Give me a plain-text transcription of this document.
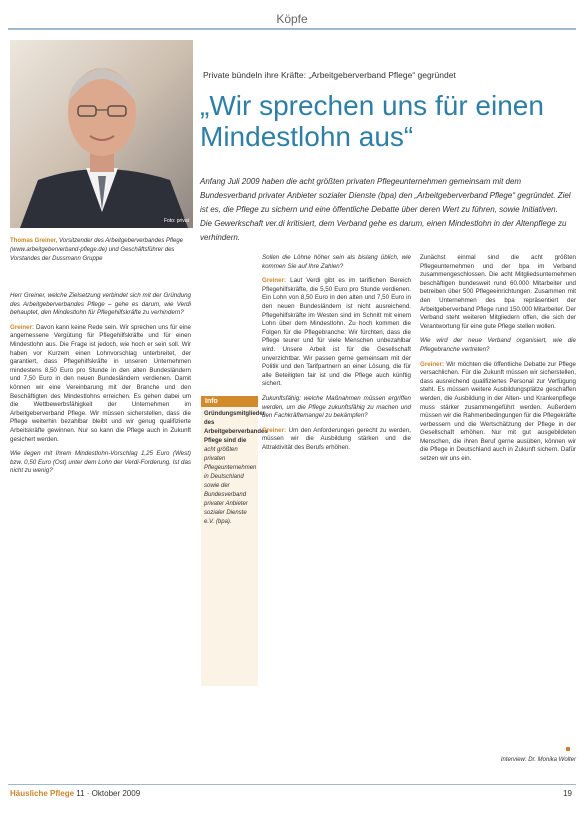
Köpfe
Foto: privat
Thomas Greiner, Vorsitzender des Arbeitgeberverbandes Pflege (www.arbeitgeberverband-pflege.de) und Geschäftsführer des Vorstandes der Dussmann Gruppe
Private bündeln ihre Kräfte: „Arbeitgeberverband Pflege“ gegründet
„Wir sprechen uns für einen Mindestlohn aus“
Anfang Juli 2009 haben die acht größten privaten Pflegeunternehmen gemeinsam mit dem Bundesverband privater Anbieter sozialer Dienste (bpa) den „Arbeitgeberverband Pflege“ gegründet. Ziel ist es, die Pflege zu sichern und eine öffentliche Debatte über deren Wert zu führen, sowie Initiativen. Die Gewerkschaft ver.di kritisiert, dem Verband gehe es darum, einen Mindestlohn in der Altenpflege zu verhindern.

Herr Greiner, welche Zielsetzung verbindet sich mit der Gründung des Arbeitgeberverbandes Pflege – gehe es darum, wie Verdi behauptet, den Mindestlohn für Pflegehilfskräfte zu verhindern?

Greiner: Davon kann keine Rede sein. Wir sprechen uns für eine angemessene Vergütung für Pflegehilfskräfte und für einen Mindestlohn aus. Die Frage ist jedoch, wie hoch er sein soll. Wir haben vor Kurzem einen Lohnvorschlag unterbreitet, der garantiert, dass Pflegehilfskräfte in unseren Unternehmen mindestens 8,50 Euro pro Stunde in den alten Bundesländern und 7,50 Euro in den neuen Bundesländern verdienen. Damit können wir eine Vereinbarung mit der Branche und den Beschäftigten des Mindestlohns erreichen. Es gehen dabei um die Wettbewerbsfähigkeit der Unternehmen im Arbeitgeberverband Pflege. Wir müssen sicherstellen, dass die Pflege weiterhin bezahlbar bleibt und wir genug qualifizierte Arbeitskräfte gewinnen. Nur so kann die Pflege auch in Zukunft gesichert werden.

Wie liegen mit Ihrem Mindestlohn-Vorschlag 1,25 Euro (West) bzw. 0,50 Euro (Ost) unter dem Lohn der Verdi-Forderung. Ist das nicht zu wenig?

Info
Gründungsmitglieder des Arbeitgeberverbandes Pflege sind die acht größten privaten Pflegeunternehmen in Deutschland sowie der Bundesverband privater Anbieter sozialer Dienste e.V. (bpa).

Sollen die Löhne höher sein als bislang üblich, wie kommen Sie auf Ihre Zahlen?

Greiner: Laut Verdi gibt es im tariflichen Bereich Pflegehilfskräfte, die 5,50 Euro pro Stunde verdienen. Ein Lohn von 8,50 Euro in den alten und 7,50 Euro in den neuen Bundesländern ist nicht ausreichend. Pflegehilfskräfte im Westen sind im Schnitt mit einem Lohn über dem Mindestlohn. Zu hoch kommen die Folgen für die Pflegebranche: Wir fürchten, dass die Pflege teurer und für viele Menschen unbezahlbar wird. Unsere Arbeit ist für die Gesellschaft unverzichtbar. Wir passen gerne gemeinsam mit der Politik und den Tarifpartnern an einer Lösung, die für alle Beteiligten fair ist und die Pflege auch künftig sichert.

Zukunftsfähig: welche Maßnahmen müssen ergriffen werden, um die Pflege zukunftsfähig zu machen und den Fachkräftemangel zu bekämpfen?

Greiner: Um den Anforderungen gerecht zu werden, müssen wir die Ausbildung stärken und die Attraktivität des Berufs erhöhen.

Zunächst einmal sind die acht größten Pflegeunternehmen und der bpa im Verband zusammengeschlossen. Die acht Mitgliedsunternehmen beschäftigen bundesweit rund 60.000 Mitarbeiter und betreiben über 500 Pflegeeinrichtungen. Zusammen mit den Unternehmen des bpa repräsentiert der Arbeitgeberverband Pflege rund 150.000 Mitarbeiter. Der Verband steht weiteren Mitgliedern offen, die sich der Verantwortung für eine gute Pflege stellen wollen.

Wie wird der neue Verband organisiert, wie die Pflegebranche vertreten?

Greiner: Wir möchten die öffentliche Debatte zur Pflege versachlichen. Für die Zukunft müssen wir sicherstellen, dass ausreichend qualifiziertes Personal zur Verfügung steht. Es müssen weitere Ausbildungsplätze geschaffen werden, die Ausbildung in der Alten- und Krankenpflege muss stärker zusammengeführt werden. Außerdem müssen wir die Rahmenbedingungen für die Pflegekräfte verbessern und die Wertschätzung der Pflege in der Gesellschaft erhöhen. Nur mit gut ausgebildeten Menschen, die ihren Beruf gerne ausüben, können wir die Pflege in Deutschland auch in Zukunft sichern. Dafür setzen wir uns ein.

Interview: Dr. Monika Wolter
Häusliche Pflege 11 · Oktober 2009	19
